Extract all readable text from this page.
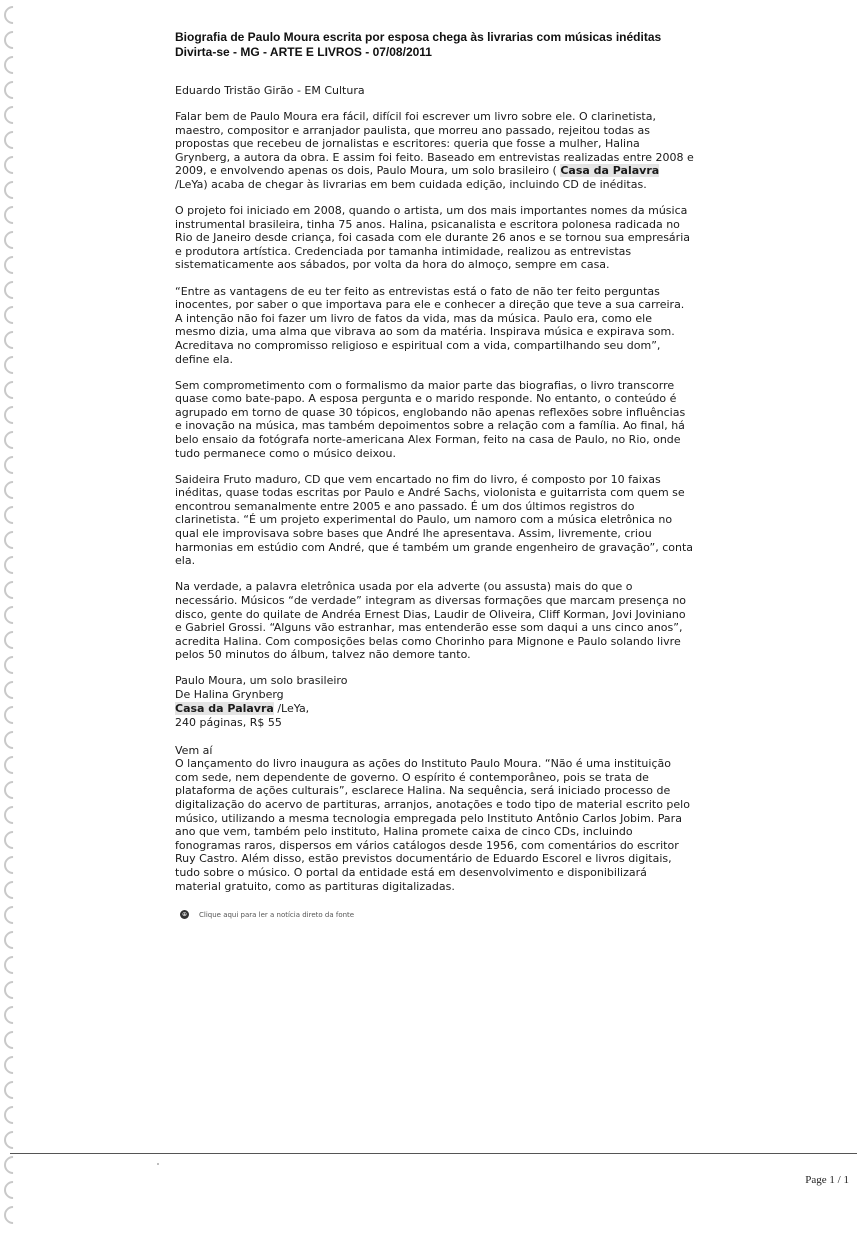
Biografia de Paulo Moura escrita por esposa chega às livrarias com músicas inéditas
Divirta-se - MG - ARTE E LIVROS - 07/08/2011
Eduardo Tristão Girão - EM Cultura

Falar bem de Paulo Moura era fácil, difícil foi escrever um livro sobre ele. O clarinetista, maestro, compositor e arranjador paulista, que morreu ano passado, rejeitou todas as propostas que recebeu de jornalistas e escritores: queria que fosse a mulher, Halina Grynberg, a autora da obra. E assim foi feito. Baseado em entrevistas realizadas entre 2008 e 2009, e envolvendo apenas os dois, Paulo Moura, um solo brasileiro ( Casa da Palavra /LeYa) acaba de chegar às livrarias em bem cuidada edição, incluindo CD de inéditas.

O projeto foi iniciado em 2008, quando o artista, um dos mais importantes nomes da música instrumental brasileira, tinha 75 anos. Halina, psicanalista e escritora polonesa radicada no Rio de Janeiro desde criança, foi casada com ele durante 26 anos e se tornou sua empresária e produtora artística. Credenciada por tamanha intimidade, realizou as entrevistas sistematicamente aos sábados, por volta da hora do almoço, sempre em casa.

“Entre as vantagens de eu ter feito as entrevistas está o fato de não ter feito perguntas inocentes, por saber o que importava para ele e conhecer a direção que teve a sua carreira. A intenção não foi fazer um livro de fatos da vida, mas da música. Paulo era, como ele mesmo dizia, uma alma que vibrava ao som da matéria. Inspirava música e expirava som. Acreditava no compromisso religioso e espiritual com a vida, compartilhando seu dom”, define ela.

Sem comprometimento com o formalismo da maior parte das biografias, o livro transcorre quase como bate-papo. A esposa pergunta e o marido responde. No entanto, o conteúdo é agrupado em torno de quase 30 tópicos, englobando não apenas reflexões sobre influências e inovação na música, mas também depoimentos sobre a relação com a família. Ao final, há belo ensaio da fotógrafa norte-americana Alex Forman, feito na casa de Paulo, no Rio, onde tudo permanece como o músico deixou.

Saideira Fruto maduro, CD que vem encartado no fim do livro, é composto por 10 faixas inéditas, quase todas escritas por Paulo e André Sachs, violonista e guitarrista com quem se encontrou semanalmente entre 2005 e ano passado. É um dos últimos registros do clarinetista. “É um projeto experimental do Paulo, um namoro com a música eletrônica no qual ele improvisava sobre bases que André lhe apresentava. Assim, livremente, criou harmonias em estúdio com André, que é também um grande engenheiro de gravação”, conta ela.

Na verdade, a palavra eletrônica usada por ela adverte (ou assusta) mais do que o necessário. Músicos “de verdade” integram as diversas formações que marcam presença no disco, gente do quilate de Andréa Ernest Dias, Laudir de Oliveira, Cliff Korman, Jovi Joviniano e Gabriel Grossi. “Alguns vão estranhar, mas entenderão esse som daqui a uns cinco anos”, acredita Halina. Com composições belas como Chorinho para Mignone e Paulo solando livre pelos 50 minutos do álbum, talvez não demore tanto.

Paulo Moura, um solo brasileiro
De Halina Grynberg
Casa da Palavra /LeYa,
240 páginas, R$ 55
Vem aí
O lançamento do livro inaugura as ações do Instituto Paulo Moura. “Não é uma instituição com sede, nem dependente de governo. O espírito é contemporâneo, pois se trata de plataforma de ações culturais”, esclarece Halina. Na sequência, será iniciado processo de digitalização do acervo de partituras, arranjos, anotações e todo tipo de material escrito pelo músico, utilizando a mesma tecnologia empregada pelo Instituto Antônio Carlos Jobim. Para ano que vem, também pelo instituto, Halina promete caixa de cinco CDs, incluindo fonogramas raros, dispersos em vários catálogos desde 1956, com comentários do escritor Ruy Castro. Além disso, estão previstos documentário de Eduardo Escorel e livros digitais, tudo sobre o músico. O portal da entidade está em desenvolvimento e disponibilizará material gratuito, como as partituras digitalizadas.
⊕ Clique aqui para ler a notícia direto da fonte
Page 1 / 1
